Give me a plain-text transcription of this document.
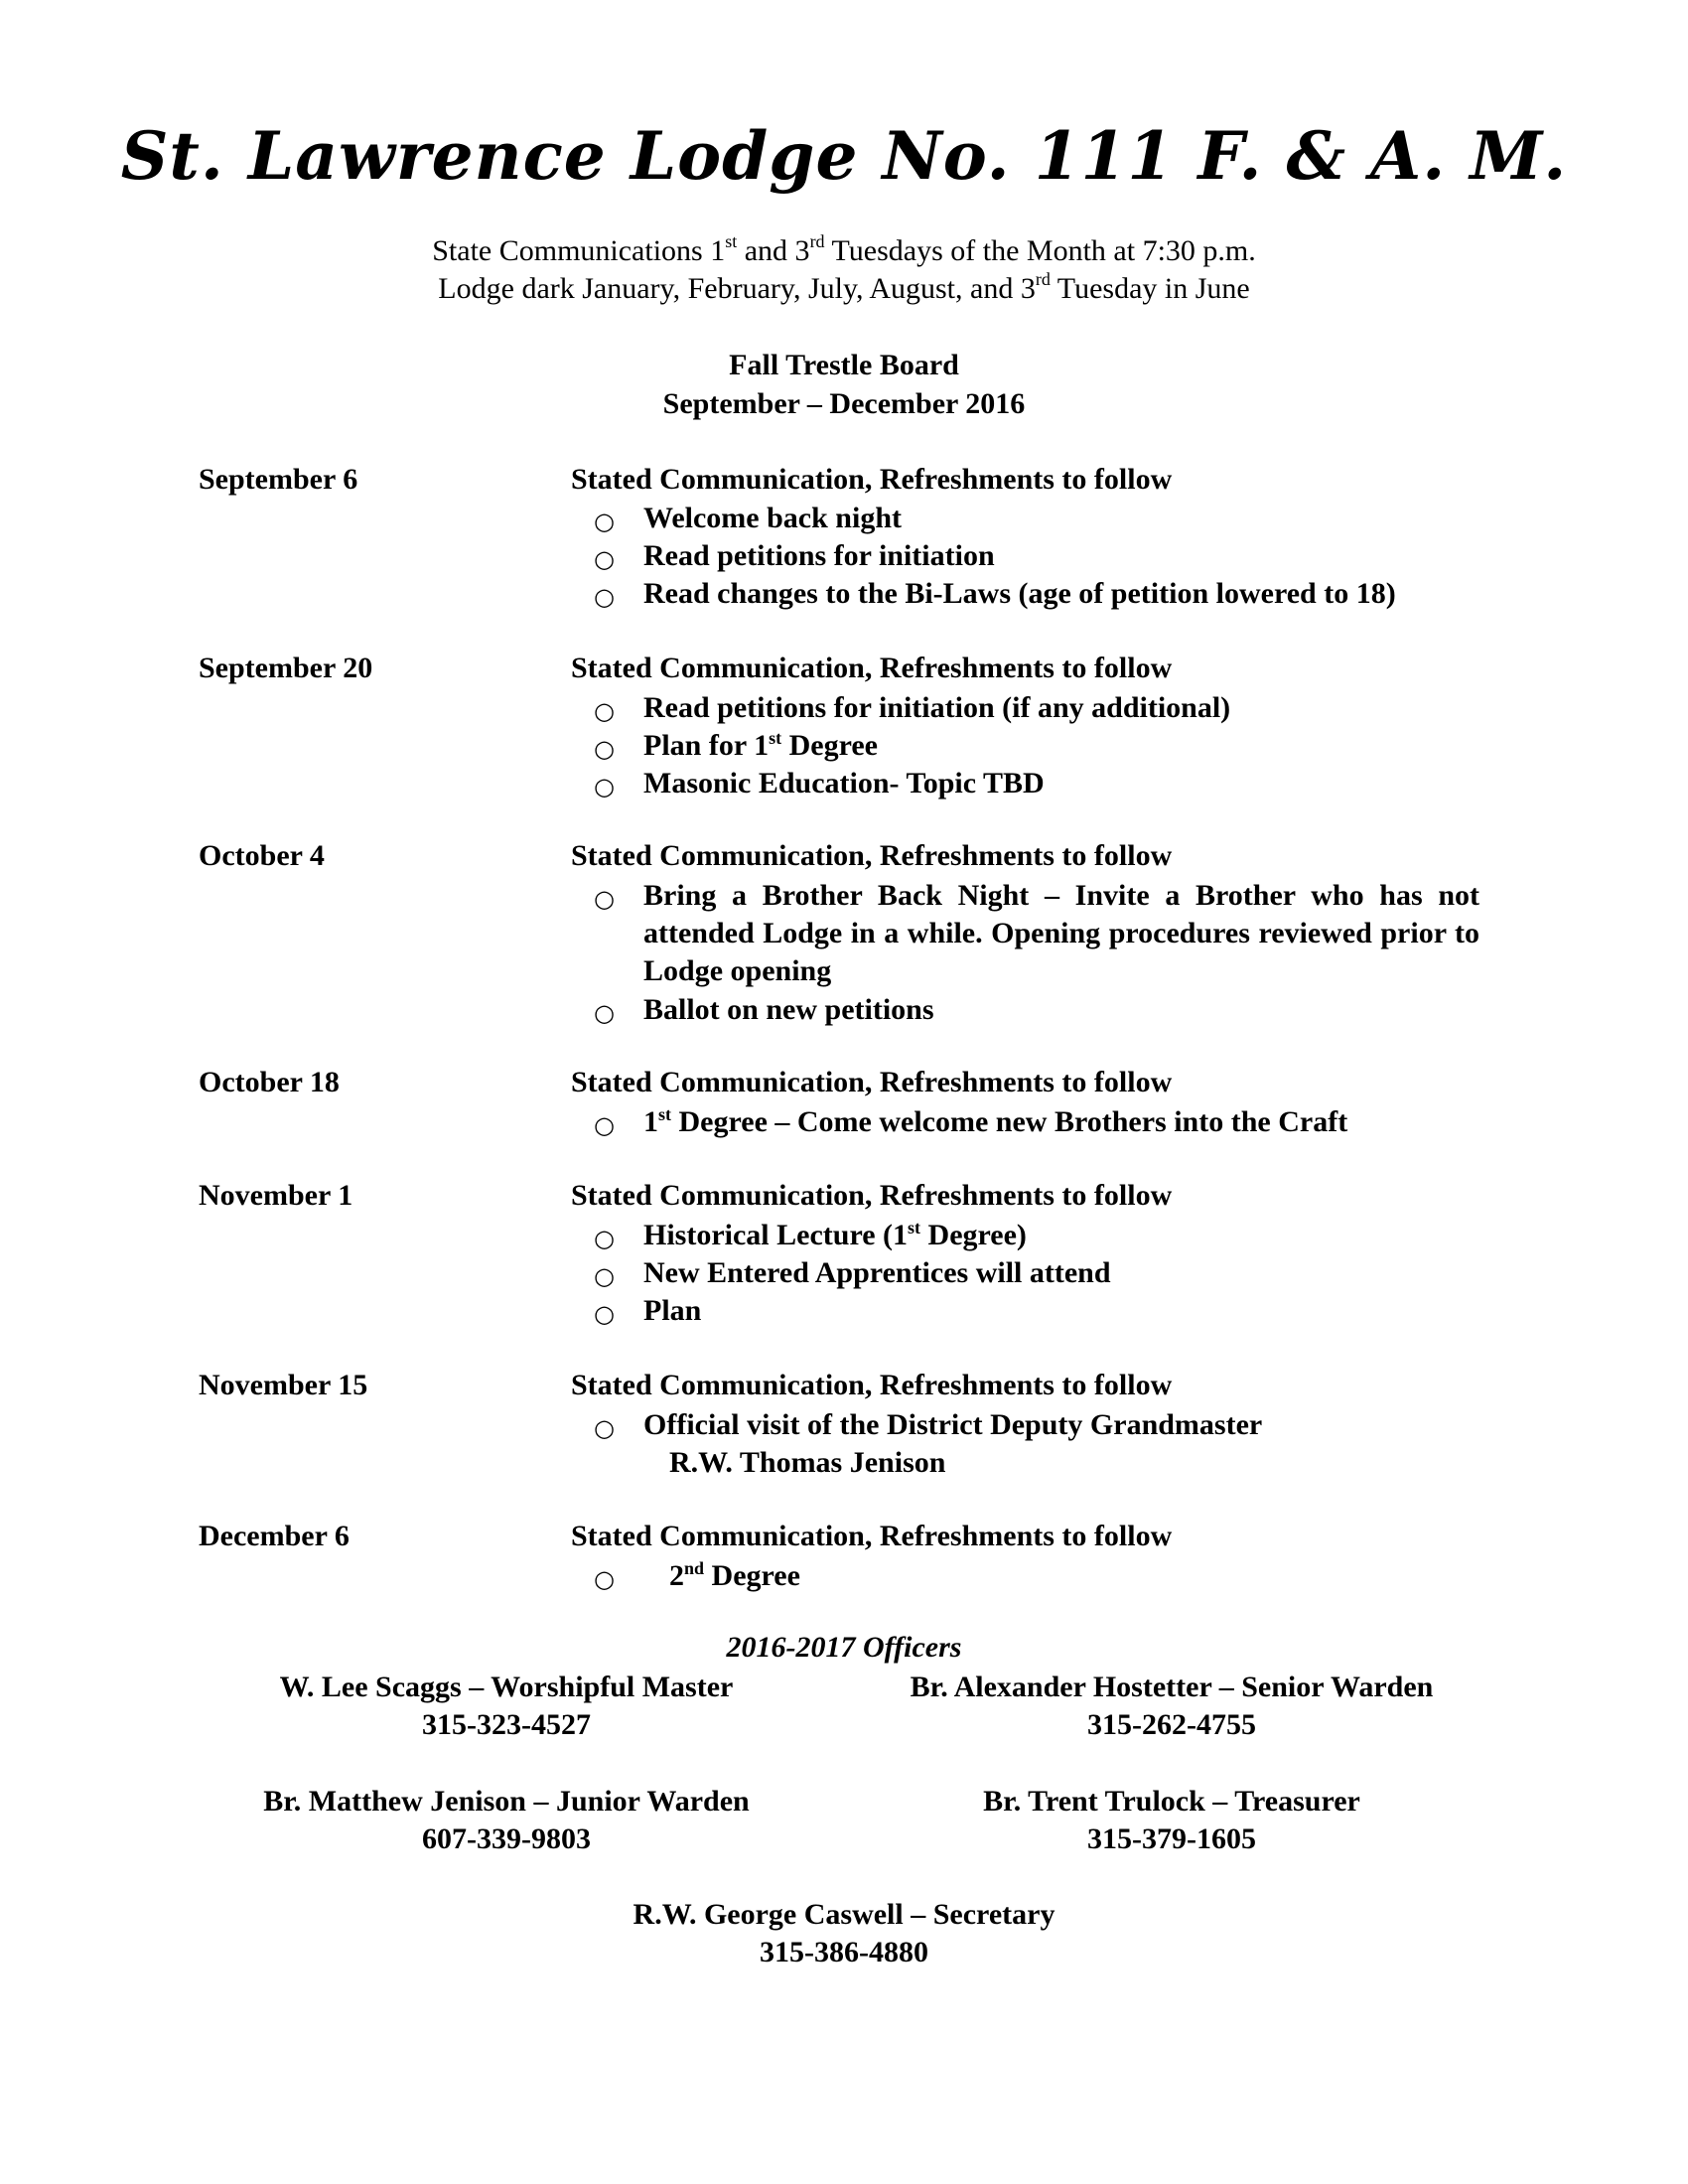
St. Lawrence Lodge No. 111 F. & A. M.
State Communications 1st and 3rd Tuesdays of the Month at 7:30 p.m.
Lodge dark January, February, July, August, and 3rd Tuesday in June
Fall Trestle Board
September – December 2016
September 6	Stated Communication, Refreshments to follow
○ Welcome back night
○ Read petitions for initiation
○ Read changes to the Bi-Laws (age of petition lowered to 18)
September 20	Stated Communication, Refreshments to follow
○ Read petitions for initiation (if any additional)
○ Plan for 1st Degree
○ Masonic Education- Topic TBD
October 4	Stated Communication, Refreshments to follow
○ Bring a Brother Back Night – Invite a Brother who has not attended Lodge in a while. Opening procedures reviewed prior to Lodge opening
○ Ballot on new petitions
October 18	Stated Communication, Refreshments to follow
○ 1st Degree – Come welcome new Brothers into the Craft
November 1	Stated Communication, Refreshments to follow
○ Historical Lecture (1st Degree)
○ New Entered Apprentices will attend
○ Plan
November 15	Stated Communication, Refreshments to follow
○ Official visit of the District Deputy Grandmaster
R.W. Thomas Jenison
December 6	Stated Communication, Refreshments to follow
○ 2nd Degree
2016-2017 Officers
W. Lee Scaggs – Worshipful Master
315-323-4527
Br. Alexander Hostetter – Senior Warden
315-262-4755
Br. Matthew Jenison – Junior Warden
607-339-9803
Br. Trent Trulock – Treasurer
315-379-1605
R.W. George Caswell – Secretary
315-386-4880
